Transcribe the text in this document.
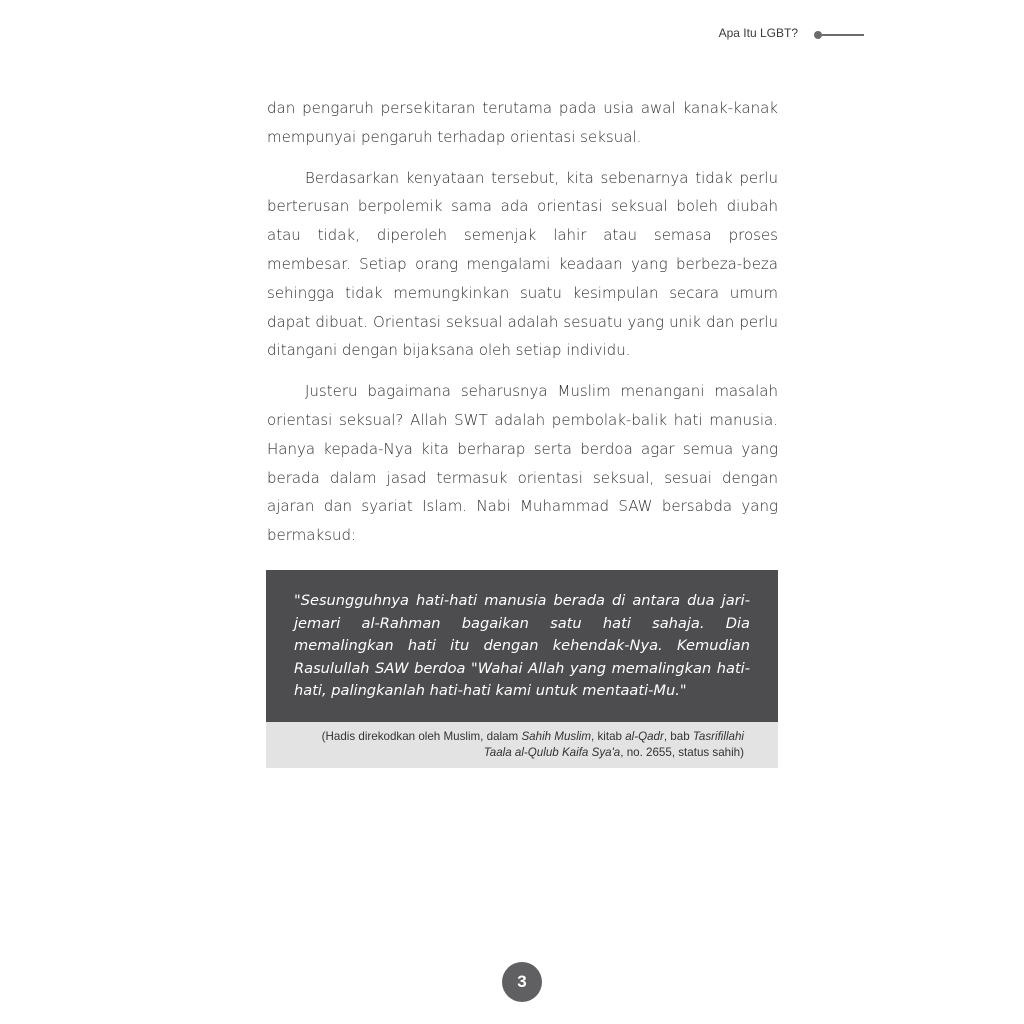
Apa Itu LGBT?

dan pengaruh persekitaran terutama pada usia awal kanak-kanak mempunyai pengaruh terhadap orientasi seksual.

Berdasarkan kenyataan tersebut, kita sebenarnya tidak perlu berterusan berpolemik sama ada orientasi seksual boleh diubah atau tidak, diperoleh semenjak lahir atau semasa proses membesar. Setiap orang mengalami keadaan yang berbeza-beza sehingga tidak memungkinkan suatu kesimpulan secara umum dapat dibuat. Orientasi seksual adalah sesuatu yang unik dan perlu ditangani dengan bijaksana oleh setiap individu.

Justeru bagaimana seharusnya Muslim menangani masalah orientasi seksual? Allah SWT adalah pembolak-balik hati manusia. Hanya kepada-Nya kita berharap serta berdoa agar semua yang berada dalam jasad termasuk orientasi seksual, sesuai dengan ajaran dan syariat Islam. Nabi Muhammad SAW bersabda yang bermaksud:

"Sesungguhnya hati-hati manusia berada di antara dua jari-jemari al-Rahman bagaikan satu hati sahaja. Dia memalingkan hati itu dengan kehendak-Nya. Kemudian Rasulullah SAW berdoa "Wahai Allah yang memalingkan hati-hati, palingkanlah hati-hati kami untuk mentaati-Mu."
(Hadis direkodkan oleh Muslim, dalam Sahih Muslim, kitab al-Qadr, bab Tasrifillahi Taala al-Qulub Kaifa Sya'a, no. 2655, status sahih)
3
